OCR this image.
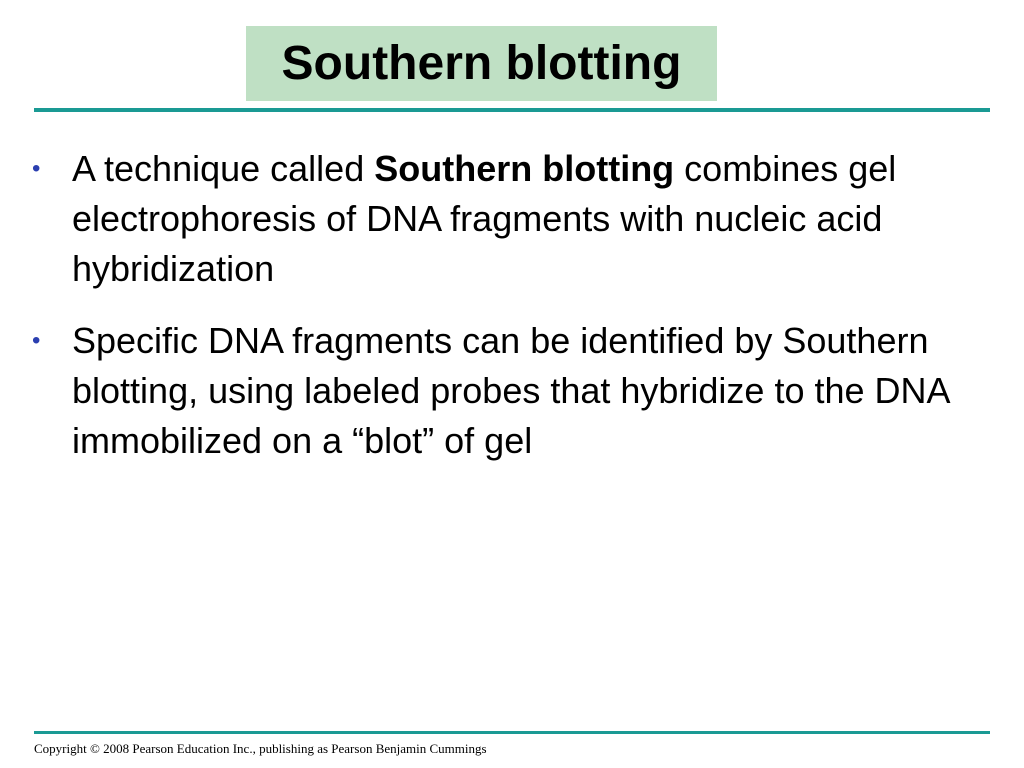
Southern blotting
• A technique called Southern blotting combines gel electrophoresis of DNA fragments with nucleic acid hybridization
• Specific DNA fragments can be identified by Southern blotting, using labeled probes that hybridize to the DNA immobilized on a “blot” of gel
Copyright © 2008 Pearson Education Inc., publishing as Pearson Benjamin Cummings
